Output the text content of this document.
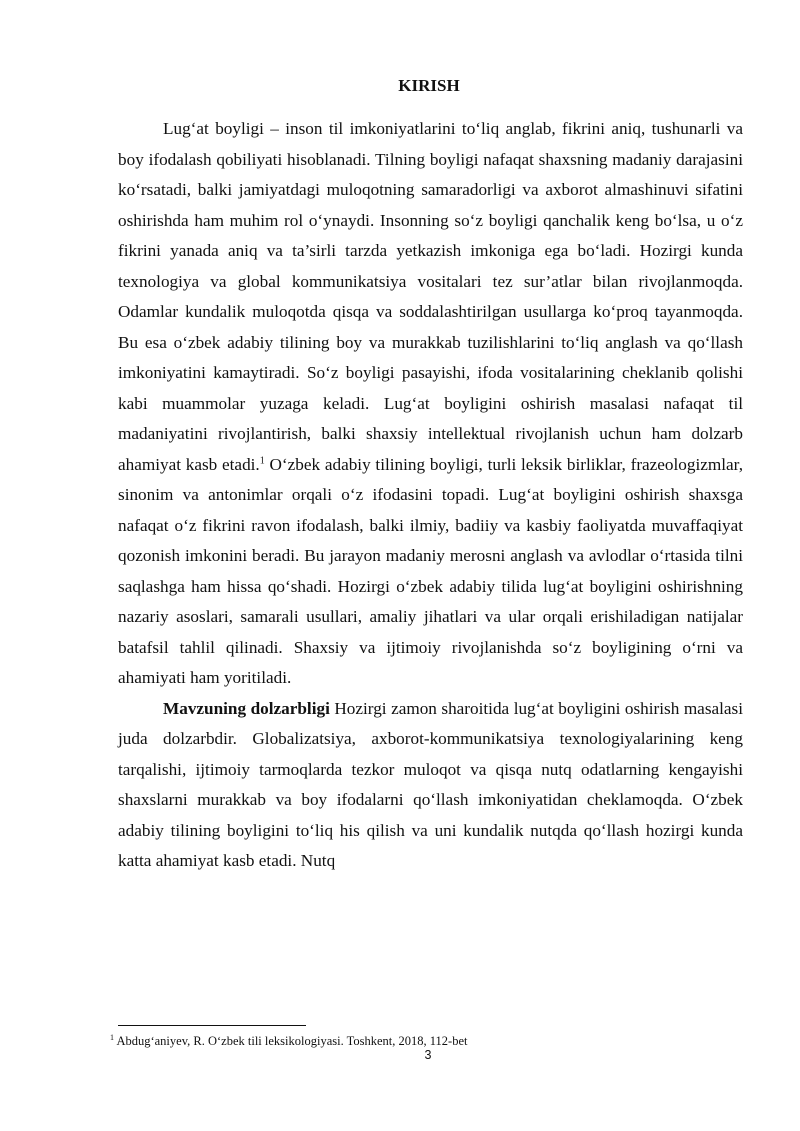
KIRISH

Lug‘at boyligi – inson til imkoniyatlarini to‘liq anglab, fikrini aniq, tushunarli va boy ifodalash qobiliyati hisoblanadi. Tilning boyligi nafaqat shaxsning madaniy darajasini ko‘rsatadi, balki jamiyatdagi muloqotning samaradorligi va axborot almashinuvi sifatini oshirishda ham muhim rol o‘ynaydi. Insonning so‘z boyligi qanchalik keng bo‘lsa, u o‘z fikrini yanada aniq va ta’sirli tarzda yetkazish imkoniga ega bo‘ladi. Hozirgi kunda texnologiya va global kommunikatsiya vositalari tez sur’atlar bilan rivojlanmoqda. Odamlar kundalik muloqotda qisqa va soddalashtirilgan usullarga ko‘proq tayanmoqda. Bu esa o‘zbek adabiy tilining boy va murakkab tuzilishlarini to‘liq anglash va qo‘llash imkoniyatini kamaytiradi. So‘z boyligi pasayishi, ifoda vositalarining cheklanib qolishi kabi muammolar yuzaga keladi. Lug‘at boyligini oshirish masalasi nafaqat til madaniyatini rivojlantirish, balki shaxsiy intellektual rivojlanish uchun ham dolzarb ahamiyat kasb etadi.$^1$ O‘zbek adabiy tilining boyligi, turli leksik birliklar, frazeologizmlar, sinonim va antonimlar orqali o‘z ifodasini topadi. Lug‘at boyligini oshirish shaxsga nafaqat o‘z fikrini ravon ifodalash, balki ilmiy, badiiy va kasbiy faoliyatda muvaffaqiyat qozonish imkonini beradi. Bu jarayon madaniy merosni anglash va avlodlar o‘rtasida tilni saqlashga ham hissa qo‘shadi. Hozirgi o‘zbek adabiy tilida lug‘at boyligini oshirishning nazariy asoslari, samarali usullari, amaliy jihatlari va ular orqali erishiladigan natijalar batafsil tahlil qilinadi. Shaxsiy va ijtimoiy rivojlanishda so‘z boyligining o‘rni va ahamiyati ham yoritiladi.

Mavzuning dolzarbligi Hozirgi zamon sharoitida lug‘at boyligini oshirish masalasi juda dolzarbdir. Globalizatsiya, axborot-kommunikatsiya texnologiyalarining keng tarqalishi, ijtimoiy tarmoqlarda tezkor muloqot va qisqa nutq odatlarning kengayishi shaxslarni murakkab va boy ifodalarni qo‘llash imkoniyatidan cheklamoqda. O‘zbek adabiy tilining boyligini to‘liq his qilish va uni kundalik nutqda qo‘llash hozirgi kunda katta ahamiyat kasb etadi. Nutq

$^1$ Abdug‘aniyev, R. O‘zbek tili leksikologiyasi. Toshkent, 2018, 112-bet
3
